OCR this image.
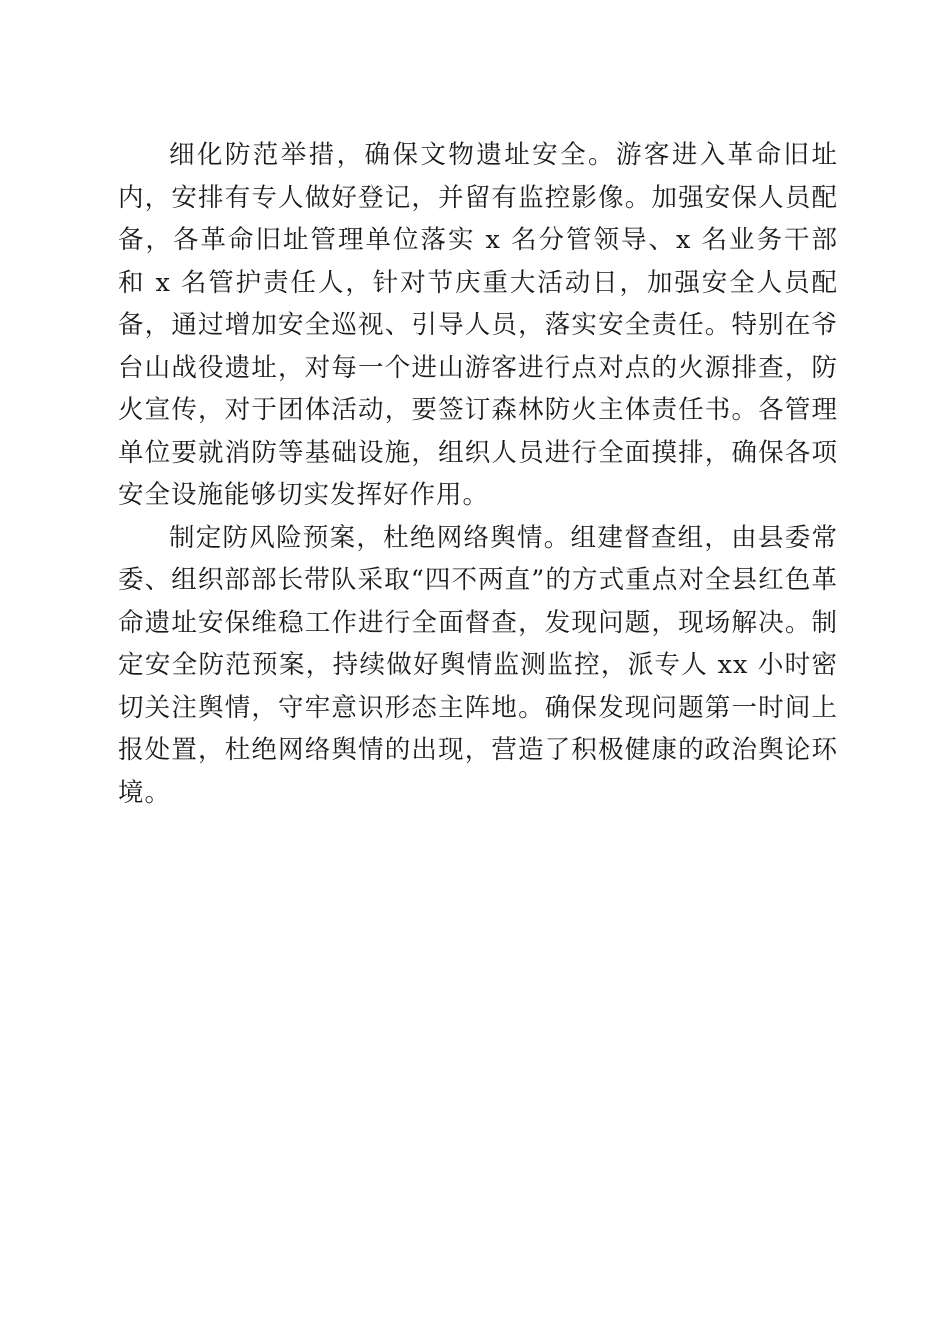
细化防范举措，确保文物遗址安全。游客进入革命旧址内，安排有专人做好登记，并留有监控影像。加强安保人员配备，各革命旧址管理单位落实 x 名分管领导、x 名业务干部和 x 名管护责任人，针对节庆重大活动日，加强安全人员配备，通过增加安全巡视、引导人员，落实安全责任。特别在爷台山战役遗址，对每一个进山游客进行点对点的火源排查，防火宣传，对于团体活动，要签订森林防火主体责任书。各管理单位要就消防等基础设施，组织人员进行全面摸排，确保各项安全设施能够切实发挥好作用。

制定防风险预案，杜绝网络舆情。组建督查组，由县委常委、组织部部长带队采取“四不两直”的方式重点对全县红色革命遗址安保维稳工作进行全面督查，发现问题，现场解决。制定安全防范预案，持续做好舆情监测监控，派专人 xx 小时密切关注舆情，守牢意识形态主阵地。确保发现问题第一时间上报处置，杜绝网络舆情的出现，营造了积极健康的政治舆论环境。
